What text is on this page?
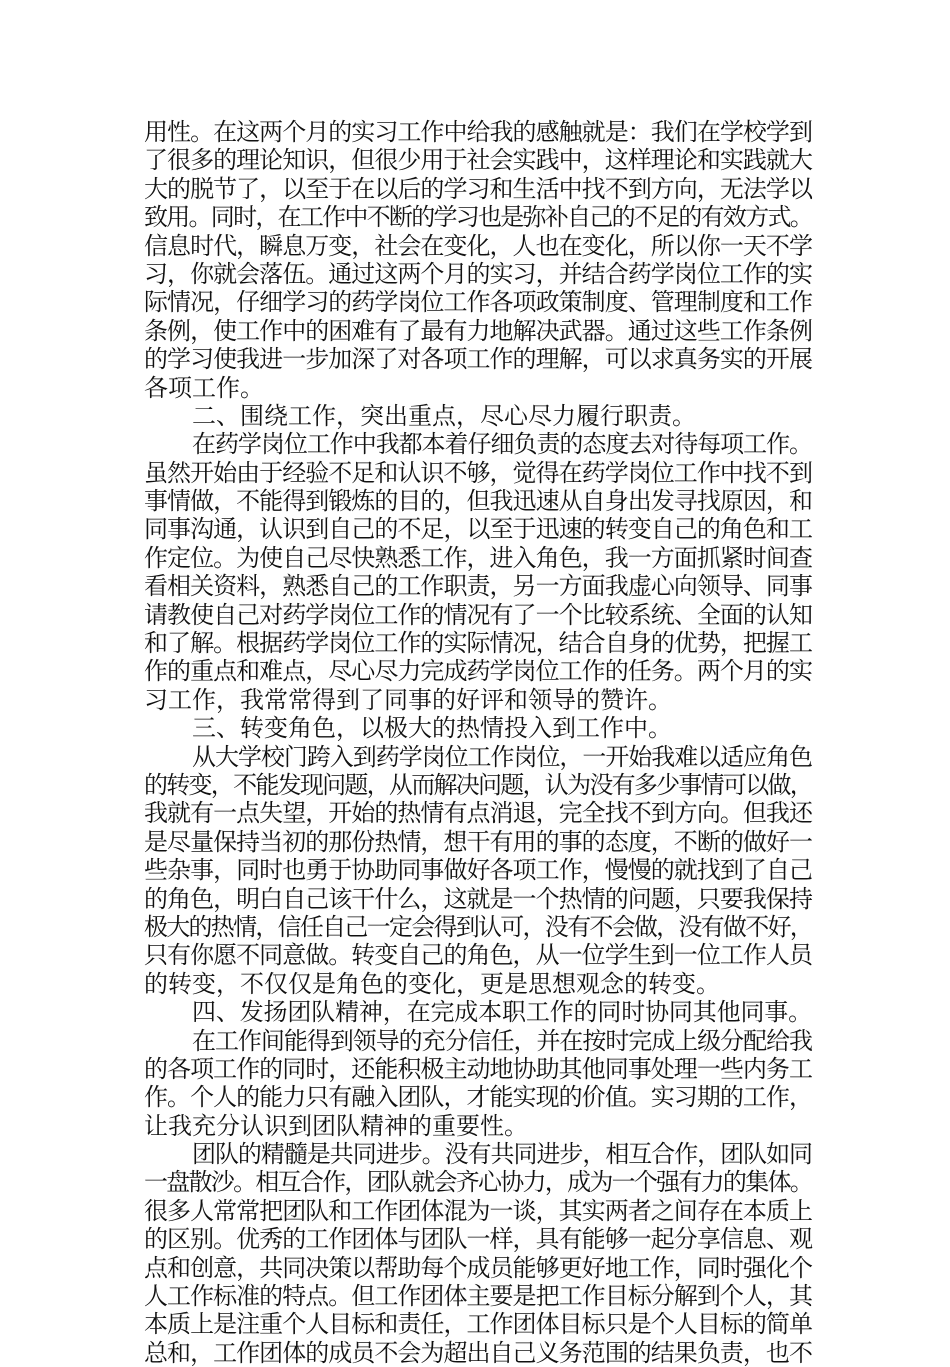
用性。在这两个月的实习工作中给我的感触就是：我们在学校学到
了很多的理论知识，但很少用于社会实践中，这样理论和实践就大
大的脱节了，以至于在以后的学习和生活中找不到方向，无法学以
致用。同时，在工作中不断的学习也是弥补自己的不足的有效方式。
信息时代，瞬息万变，社会在变化，人也在变化，所以你一天不学
习，你就会落伍。通过这两个月的实习，并结合药学岗位工作的实
际情况，仔细学习的药学岗位工作各项政策制度、管理制度和工作
条例，使工作中的困难有了最有力地解决武器。通过这些工作条例
的学习使我进一步加深了对各项工作的理解，可以求真务实的开展
各项工作。
二、围绕工作，突出重点，尽心尽力履行职责。
在药学岗位工作中我都本着仔细负责的态度去对待每项工作。
虽然开始由于经验不足和认识不够，觉得在药学岗位工作中找不到
事情做，不能得到锻炼的目的，但我迅速从自身出发寻找原因，和
同事沟通，认识到自己的不足，以至于迅速的转变自己的角色和工
作定位。为使自己尽快熟悉工作，进入角色，我一方面抓紧时间查
看相关资料，熟悉自己的工作职责，另一方面我虚心向领导、同事
请教使自己对药学岗位工作的情况有了一个比较系统、全面的认知
和了解。根据药学岗位工作的实际情况，结合自身的优势，把握工
作的重点和难点，尽心尽力完成药学岗位工作的任务。两个月的实
习工作，我常常得到了同事的好评和领导的赞许。
三、转变角色，以极大的热情投入到工作中。
从大学校门跨入到药学岗位工作岗位，一开始我难以适应角色
的转变，不能发现问题，从而解决问题，认为没有多少事情可以做，
我就有一点失望，开始的热情有点消退，完全找不到方向。但我还
是尽量保持当初的那份热情，想干有用的事的态度，不断的做好一
些杂事，同时也勇于协助同事做好各项工作，慢慢的就找到了自己
的角色，明白自己该干什么，这就是一个热情的问题，只要我保持
极大的热情，信任自己一定会得到认可，没有不会做，没有做不好，
只有你愿不同意做。转变自己的角色，从一位学生到一位工作人员
的转变，不仅仅是角色的变化，更是思想观念的转变。
四、发扬团队精神，在完成本职工作的同时协同其他同事。
在工作间能得到领导的充分信任，并在按时完成上级分配给我
的各项工作的同时，还能积极主动地协助其他同事处理一些内务工
作。个人的能力只有融入团队，才能实现的价值。实习期的工作，
让我充分认识到团队精神的重要性。
团队的精髓是共同进步。没有共同进步，相互合作，团队如同
一盘散沙。相互合作，团队就会齐心协力，成为一个强有力的集体。
很多人常常把团队和工作团体混为一谈，其实两者之间存在本质上
的区别。优秀的工作团体与团队一样，具有能够一起分享信息、观
点和创意，共同决策以帮助每个成员能够更好地工作，同时强化个
人工作标准的特点。但工作团体主要是把工作目标分解到个人，其
本质上是注重个人目标和责任，工作团体目标只是个人目标的简单
总和，工作团体的成员不会为超出自己义务范围的结果负责，也不
